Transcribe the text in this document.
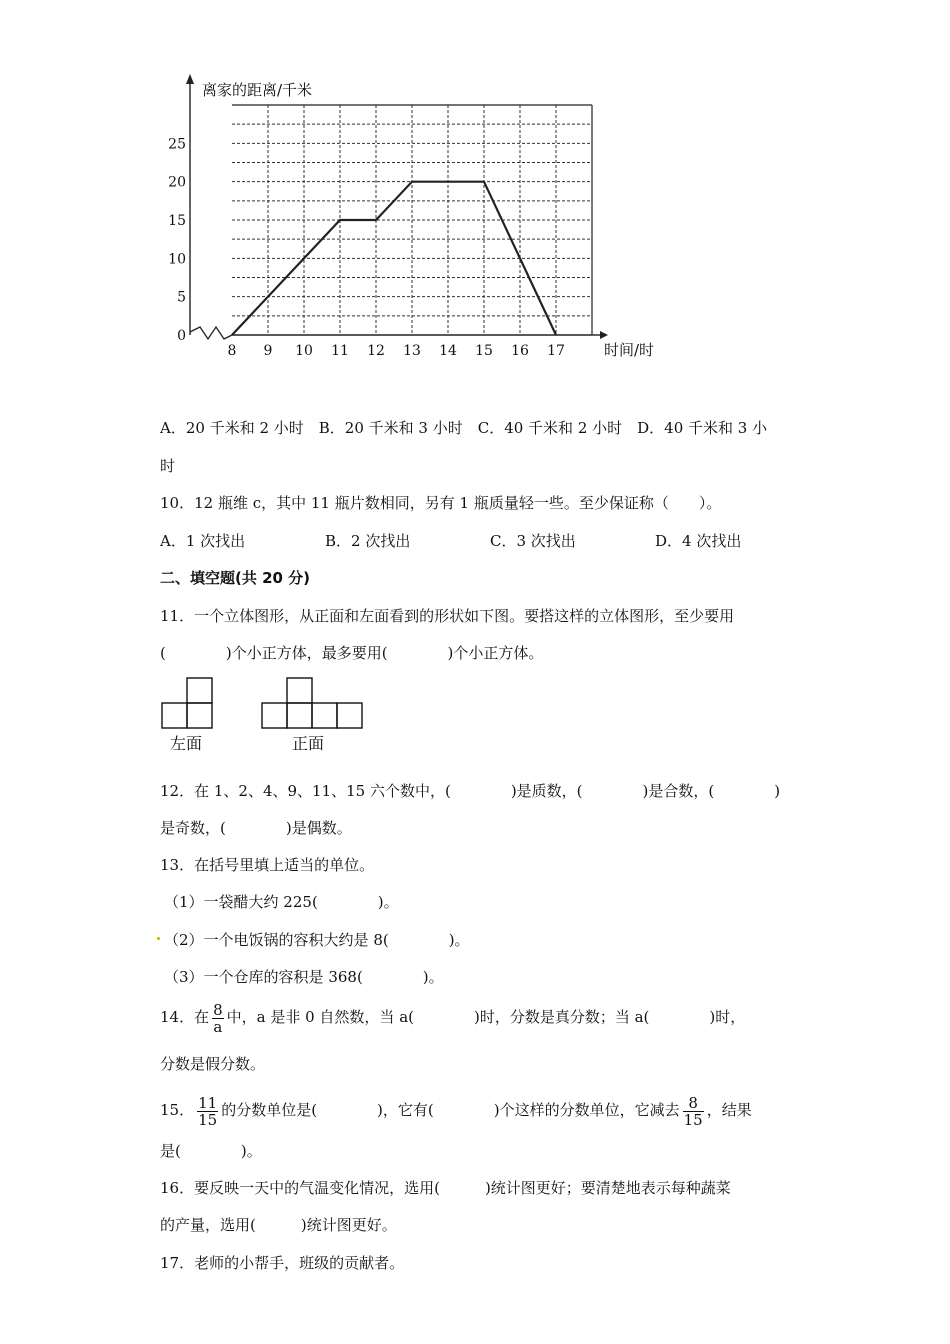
8 9 10 11 12 13 14 15 16 17
0
5
10
15
20
25
离家的距离/千米
时间/时
A．20 千米和 2 小时　B．20 千米和 3 小时　C．40 千米和 2 小时　D．40 千米和 3 小
时
10．12 瓶维 c，其中 11 瓶片数相同，另有 1 瓶质量轻一些。至少保证称（　　）。
A．1 次找出	B．2 次找出	C．3 次找出	D．4 次找出
二、填空题(共 20 分)
11．一个立体图形，从正面和左面看到的形状如下图。要搭这样的立体图形，至少要用
(　　　　)个小正方体，最多要用(　　　　)个小正方体。
左面	正面
12．在 1、2、4、9、11、15 六个数中，(　　　　)是质数，(　　　　)是合数，(　　　　)
是奇数，(　　　　)是偶数。
13．在括号里填上适当的单位。
（1）一袋醋大约 225(　　　　)。
（2）一个电饭锅的容积大约是 8(　　　　)。
（3）一个仓库的容积是 368(　　　　)。
14．在 $\frac{8}{a}$ 中，a 是非 0 自然数，当 a(　　　　)时，分数是真分数；当 a(　　　　)时，
分数是假分数。
15． $\frac{11}{15}$ 的分数单位是(　　　　)，它有(　　　　)个这样的分数单位，它减去 $\frac{8}{15}$ ，结果
是(　　　　)。
16．要反映一天中的气温变化情况，选用(　　　)统计图更好；要清楚地表示每种蔬菜
的产量，选用(　　　)统计图更好。
17．老师的小帮手，班级的贡献者。
